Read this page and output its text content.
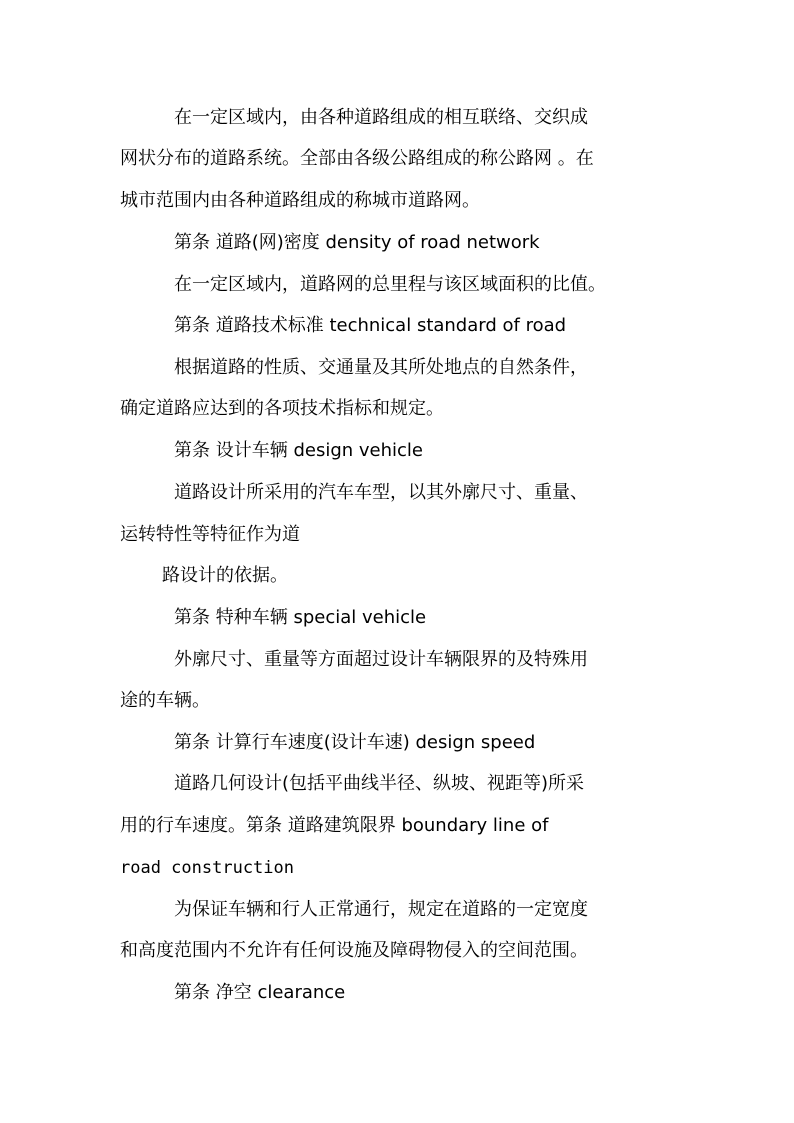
在一定区域内，由各种道路组成的相互联络、交织成
网状分布的道路系统。全部由各级公路组成的称公路网 。在
城市范围内由各种道路组成的称城市道路网。
第条 道路(网)密度 density of road network
在一定区域内，道路网的总里程与该区域面积的比值。
第条 道路技术标准 technical standard of road
根据道路的性质、交通量及其所处地点的自然条件，
确定道路应达到的各项技术指标和规定。
第条 设计车辆 design vehicle
道路设计所采用的汽车车型，以其外廓尺寸、重量、
运转特性等特征作为道
路设计的依据。
第条 特种车辆 special vehicle
外廓尺寸、重量等方面超过设计车辆限界的及特殊用
途的车辆。
第条 计算行车速度(设计车速) design speed
道路几何设计(包括平曲线半径、纵坡、视距等)所采
用的行车速度。第条 道路建筑限界 boundary line of
road construction
为保证车辆和行人正常通行，规定在道路的一定宽度
和高度范围内不允许有任何设施及障碍物侵入的空间范围。
第条 净空 clearance
